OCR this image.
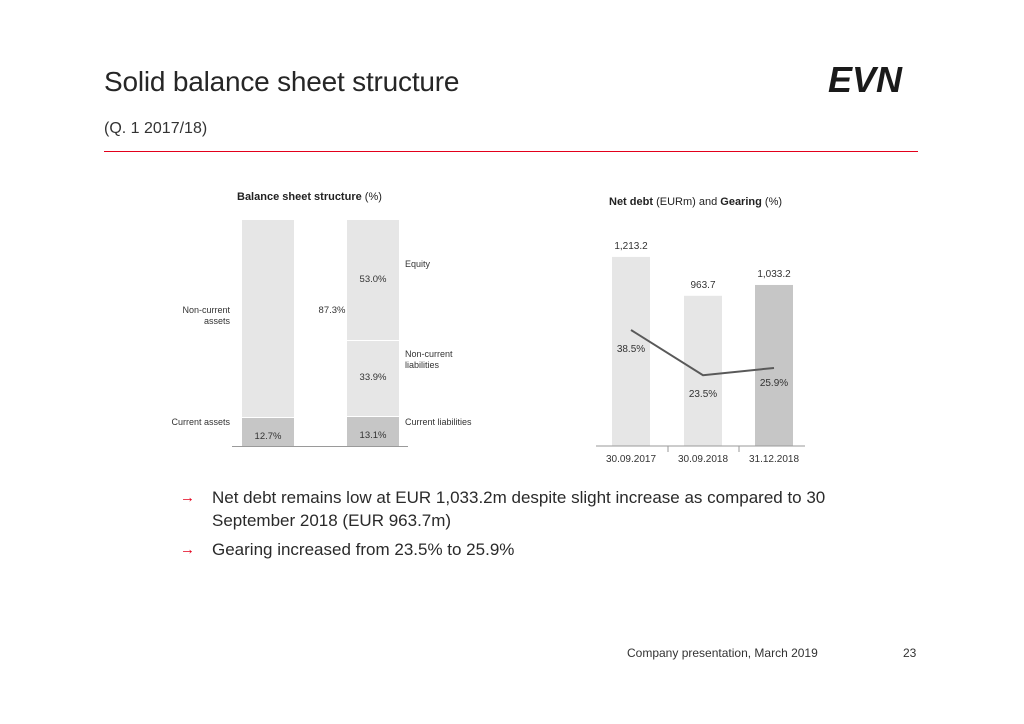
Solid balance sheet structure
(Q. 1 2017/18)
EVN
Balance sheet structure (%)
12.7%
87.3%
13.1%
33.9%
53.0%
Non-current assets
Current assets
Equity
Non-current liabilities
Current liabilities
Net debt (EURm) and Gearing (%)
1,213.2
963.7
1,033.2
30.09.2017 30.09.2018 31.12.2018
38.5%
23.5%
25.9%
→ Net debt remains low at EUR 1,033.2m despite slight increase as compared to 30 September 2018 (EUR 963.7m)
→ Gearing increased from 23.5% to 25.9%
Company presentation, March 2019	23
